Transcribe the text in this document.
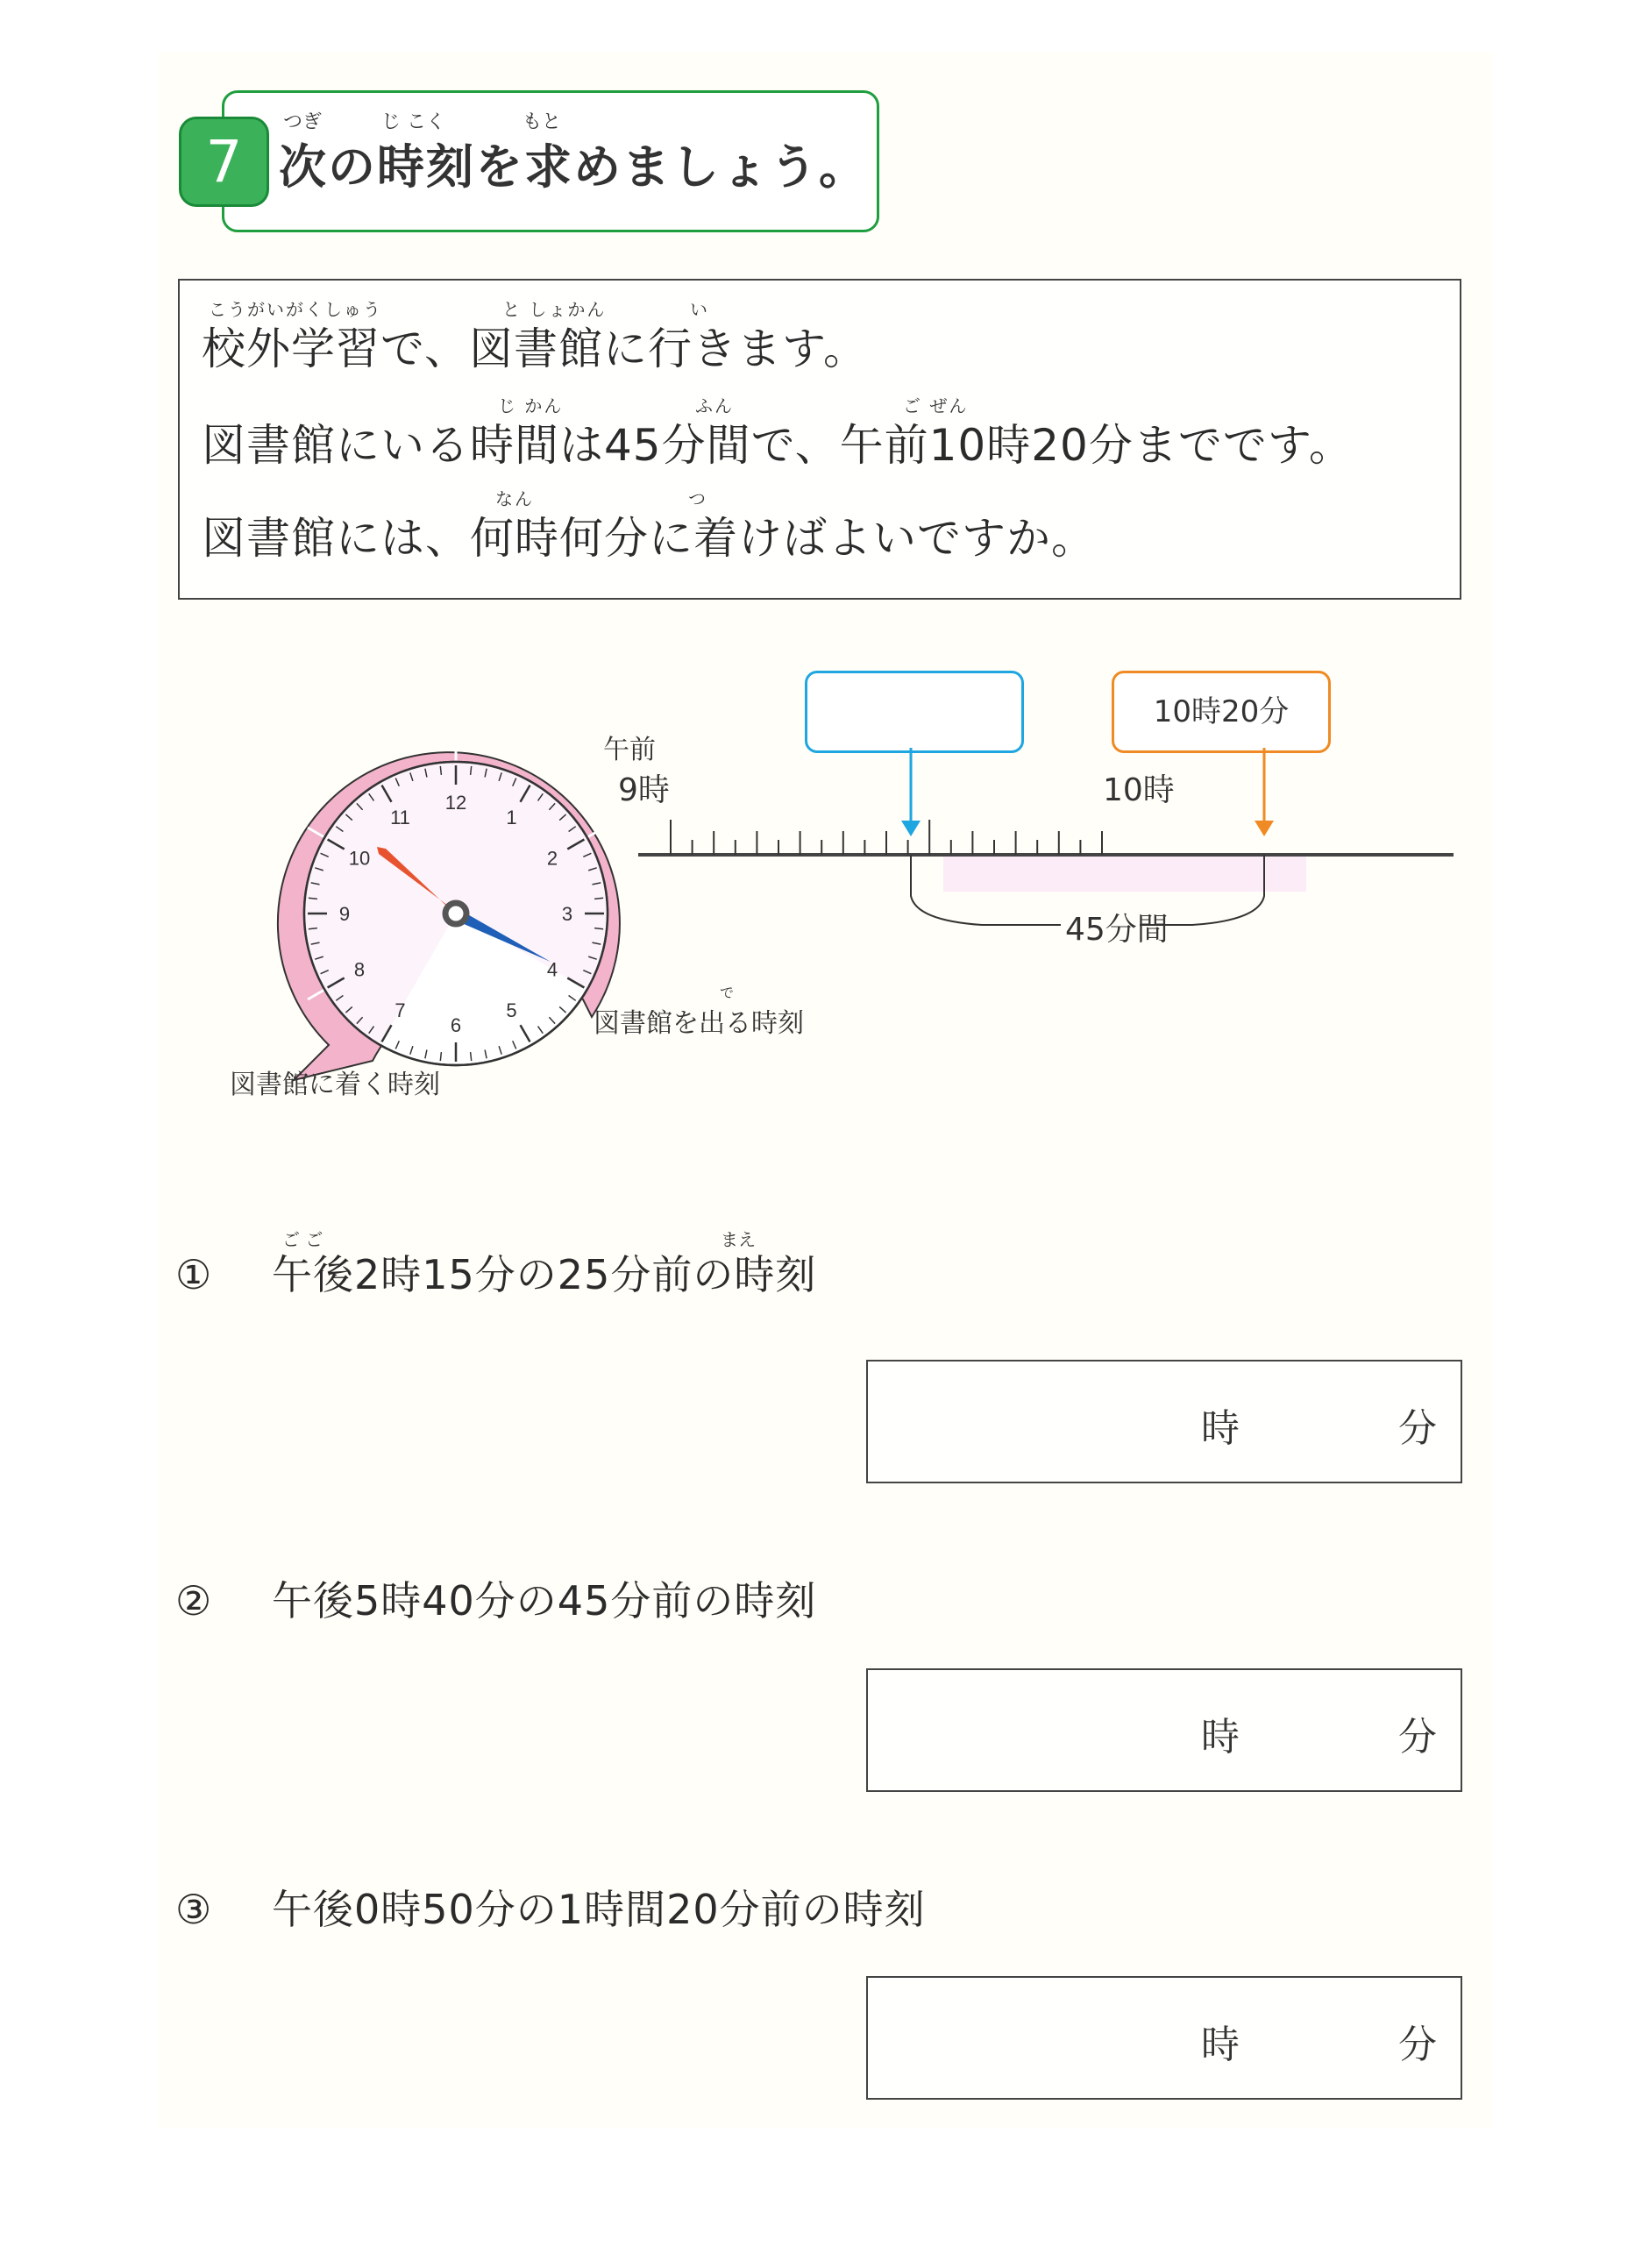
7
つぎ	じ こく	もと
次の時刻を求めましょう。
こうがいがくしゅう	と しょかん	い
校外学習で、図書館に行きます。
じ かん	ふん	ご ぜん
図書館にいる時間は45分間で、午前10時20分までです。
なん	つ
図書館には、何時何分に着けばよいですか。
12
1
2
3
4
5
6
7
8
9
10
11
図書館に着く時刻
で
図書館を出る時刻
午前
9時	10時
10時20分
45分間
ご ご	まえ
① 午後2時15分の25分前の時刻
時	分
② 午後5時40分の45分前の時刻
時	分
③ 午後0時50分の1時間20分前の時刻
時	分
